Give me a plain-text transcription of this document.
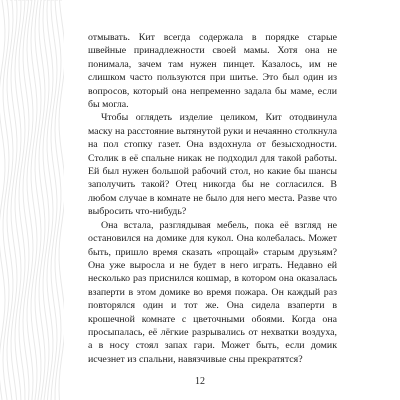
отмывать. Кит всегда содержала в порядке старые швейные принадлежности своей мамы. Хотя она не понимала, зачем там нужен пинцет. Казалось, им не слишком часто пользуются при шитье. Это был один из вопросов, который она непременно задала бы маме, если бы могла.

Чтобы оглядеть изделие целиком, Кит отодвинула маску на расстояние вытянутой руки и нечаянно столкнула на пол стопку газет. Она вздохнула от безысходности. Столик в её спальне никак не подходил для такой работы. Ей был нужен большой рабочий стол, но какие бы шансы заполучить такой? Отец никогда бы не согласился. В любом случае в комнате не было для него места. Разве что выбросить что-нибудь?

Она встала, разглядывая мебель, пока её взгляд не остановился на домике для кукол. Она колебалась. Может быть, пришло время сказать «прощай» старым друзьям? Она уже выросла и не будет в него играть. Недавно ей несколько раз приснился кошмар, в котором она оказалась взаперти в этом домике во время пожара. Он каждый раз повторялся один и тот же. Она сидела взаперти в крошечной комнате с цветочными обоями. Когда она просыпалась, её лёгкие разрывались от нехватки воздуха, а в носу стоял запах гари. Может быть, если домик исчезнет из спальни, навязчивые сны прекратятся?

12
